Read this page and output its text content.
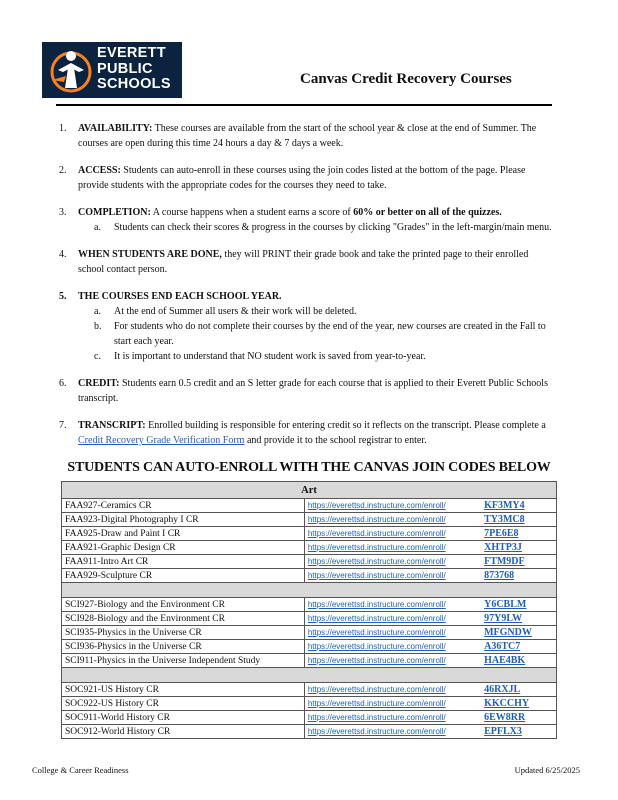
EVERETT
PUBLIC
SCHOOLS	Canvas Credit Recovery Courses
1. AVAILABILITY: These courses are available from the start of the school year & close at the end of Summer. The courses are open during this time 24 hours a day & 7 days a week.
2. ACCESS: Students can auto-enroll in these courses using the join codes listed at the bottom of the page. Please provide students with the appropriate codes for the courses they need to take.
3. COMPLETION: A course happens when a student earns a score of 60% or better on all of the quizzes.
a. Students can check their scores & progress in the courses by clicking "Grades" in the left-margin/main menu.
4. WHEN STUDENTS ARE DONE, they will PRINT their grade book and take the printed page to their enrolled school contact person.
5. THE COURSES END EACH SCHOOL YEAR.
a. At the end of Summer all users & their work will be deleted.
b. For students who do not complete their courses by the end of the year, new courses are created in the Fall to start each year.
c. It is important to understand that NO student work is saved from year-to-year.
6. CREDIT: Students earn 0.5 credit and an S letter grade for each course that is applied to their Everett Public Schools transcript.
7. TRANSCRIPT: Enrolled building is responsible for entering credit so it reflects on the transcript. Please complete a Credit Recovery Grade Verification Form and provide it to the school registrar to enter.
STUDENTS CAN AUTO-ENROLL WITH THE CANVAS JOIN CODES BELOW
Art		
FAA927-Ceramics CR	https://everettsd.instructure.com/enroll/	KF3MY4
FAA923-Digital Photography I CR	https://everettsd.instructure.com/enroll/	TY3MC8
FAA925-Draw and Paint I CR	https://everettsd.instructure.com/enroll/	7PE6E8
FAA921-Graphic Design CR	https://everettsd.instructure.com/enroll/	XHTP3J
FAA911-Intro Art CR	https://everettsd.instructure.com/enroll/	FTM9DF
FAA929-Sculpture CR	https://everettsd.instructure.com/enroll/	873768

SCI927-Biology and the Environment CR	https://everettsd.instructure.com/enroll/	Y6CBLM
SCI928-Biology and the Environment CR	https://everettsd.instructure.com/enroll/	97Y9LW
SCI935-Physics in the Universe CR	https://everettsd.instructure.com/enroll/	MFGNDW
SCI936-Physics in the Universe CR	https://everettsd.instructure.com/enroll/	A36TC7
SCI911-Physics in the Universe Independent Study	https://everettsd.instructure.com/enroll/	HAE4BK

SOC921-US History CR	https://everettsd.instructure.com/enroll/	46RXJL
SOC922-US History CR	https://everettsd.instructure.com/enroll/	KKCCHY
SOC911-World History CR	https://everettsd.instructure.com/enroll/	6EW8RR
SOC912-World History CR	https://everettsd.instructure.com/enroll/	EPFLX3
College & Career Readiness	Updated 6/25/2025
